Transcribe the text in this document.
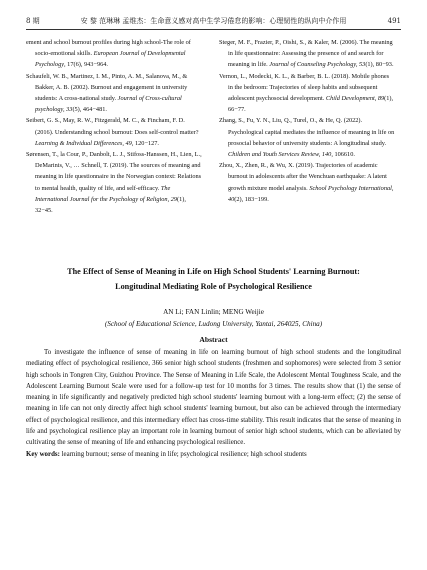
8 期	安 黎 范琳琳 孟维杰：生命意义感对高中生学习倦怠的影响：心理韧性的纵向中介作用	491

ement and school burnout profiles during high school-The role of socio-emotional skills. European Journal of Developmental Psychology, 17(6), 943−964.

Schaufeli, W. B., Martinez, I. M., Pinto, A. M., Salanova, M., & Bakker, A. B. (2002). Burnout and engagement in university students: A cross-national study. Journal of Cross-cultural psychology, 33(5), 464−481.

Seibert, G. S., May, R. W., Fitzgerald, M. C., & Fincham, F. D. (2016). Understanding school burnout: Does self-control matter? Learning & Individual Differences, 49, 120−127.

Sørensen, T., la Cour, P., Danbolt, L. J., Stifoss-Hanssen, H., Lien, L., DeMarinis, V., … Schnell, T. (2019). The sources of meaning and meaning in life questionnaire in the Norwegian context: Relations to mental health, quality of life, and self-efficacy. The International Journal for the Psychology of Religion, 29(1), 32−45.

Steger, M. F., Frazier, P., Oishi, S., & Kaler, M. (2006). The meaning in life questionnaire: Assessing the presence of and search for meaning in life. Journal of Counseling Psychology, 53(1), 80−93.

Vernon, L., Modecki, K. L., & Barber, B. L. (2018). Mobile phones in the bedroom: Trajectories of sleep habits and subsequent adolescent psychosocial development. Child Development, 89(1), 66−77.

Zhang, S., Fu, Y. N., Liu, Q., Turel, O., & He, Q. (2022). Psychological capital mediates the influence of meaning in life on prosocial behavior of university students: A longitudinal study. Children and Youth Services Review, 140, 106610.

Zhou, X., Zhen, R., & Wu, X. (2019). Trajectories of academic burnout in adolescents after the Wenchuan earthquake: A latent growth mixture model analysis. School Psychology International, 40(2), 183−199.

The Effect of Sense of Meaning in Life on High School Students' Learning Burnout:
Longitudinal Mediating Role of Psychological Resilience

AN Li; FAN Linlin; MENG Weijie

(School of Educational Science, Ludong University, Yantai, 264025, China)

Abstract

To investigate the influence of sense of meaning in life on learning burnout of high school students and the longitudinal mediating effect of psychological resilience, 366 senior high school students (freshmen and sophomores) were selected from 3 senior high schools in Tongren City, Guizhou Province. The Sense of Meaning in Life Scale, the Adolescent Mental Toughness Scale, and the Adolescent Learning Burnout Scale were used for a follow-up test for 10 months for 3 times. The results show that (1) the sense of meaning in life significantly and negatively predicted high school students' learning burnout with a long-term effect; (2) the sense of meaning in life can not only directly affect high school students' learning burnout, but also can be achieved through the intermediary effect of psychological resilience, and this intermediary effect has cross-time stability. This result indicates that the sense of meaning in life and psychological resilience play an important role in learning burnout of senior high school students, which can be alleviated by cultivating the sense of meaning of life and enhancing psychological resilience.

Key words: learning burnout; sense of meaning in life; psychological resilience; high school students
